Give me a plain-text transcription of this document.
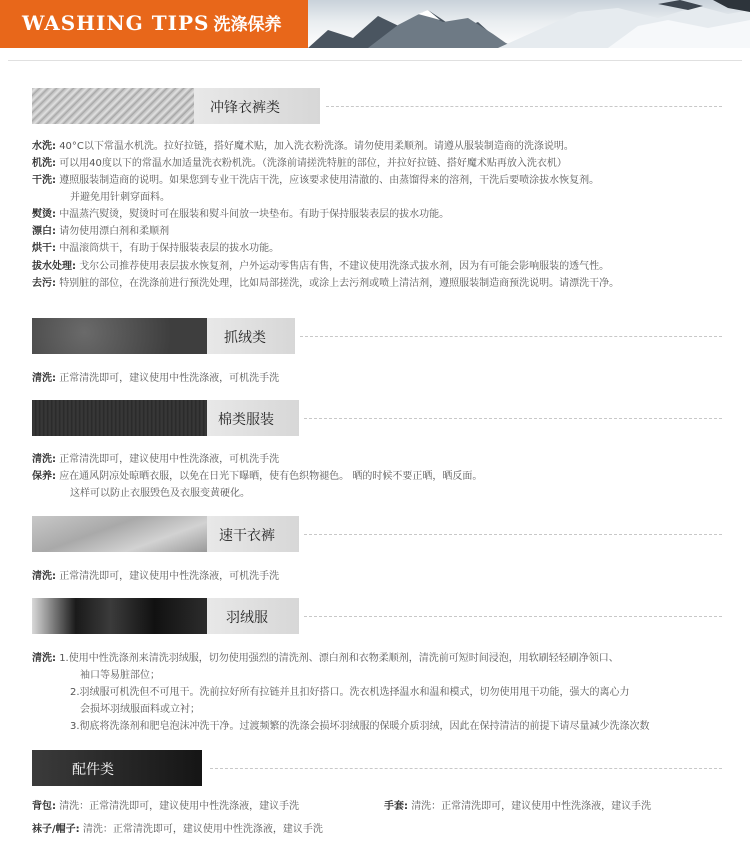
WASHING TIPS 洗涤保养
冲锋衣裤类
水洗: 40°C以下常温水机洗。拉好拉链，搭好魔术贴，加入洗衣粉洗涤。请勿使用柔顺剂。请遵从服装制造商的洗涤说明。
机洗: 可以用40度以下的常温水加适量洗衣粉机洗。（洗涤前请搓洗特脏的部位，并拉好拉链、搭好魔术贴再放入洗衣机）
干洗: 遵照服装制造商的说明。如果您到专业干洗店干洗，应该要求使用清澈的、由蒸馏得来的溶剂，干洗后要喷涂拔水恢复剂。
并避免用针刺穿面料。
熨烫: 中温蒸汽熨烫，熨烫时可在服装和熨斗间放一块垫布。有助于保持服装表层的拔水功能。
漂白: 请勿使用漂白剂和柔顺剂
烘干: 中温滚筒烘干，有助于保持服装表层的拔水功能。
拔水处理: 戈尔公司推荐使用表层拔水恢复剂，户外运动零售店有售，不建议使用洗涤式拔水剂，因为有可能会影响服装的透气性。
去污: 特别脏的部位，在洗涤前进行预洗处理，比如局部搓洗，或涂上去污剂或喷上清洁剂，遵照服装制造商预洗说明。请漂洗干净。
抓绒类
清洗: 正常清洗即可，建议使用中性洗涤液，可机洗手洗
棉类服装
清洗: 正常清洗即可，建议使用中性洗涤液，可机洗手洗
保养: 应在通风阴凉处晾晒衣服，以免在日光下曝晒，使有色织物褪色。 晒的时候不要正晒，晒反面。
这样可以防止衣服毁色及衣服变黄硬化。
速干衣裤
清洗: 正常清洗即可，建议使用中性洗涤液，可机洗手洗
羽绒服
清洗: 1.使用中性洗涤剂来清洗羽绒服，切勿使用强烈的清洗剂、漂白剂和衣物柔顺剂，清洗前可短时间浸泡，用软刷轻轻刷净领口、
袖口等易脏部位；
2.羽绒服可机洗但不可甩干。洗前拉好所有拉链并且扣好搭口。洗衣机选择温水和温和模式，切勿使用甩干功能，强大的离心力
会损坏羽绒服面料或立衬；
3.彻底将洗涤剂和肥皂泡沫冲洗干净。过渡频繁的洗涤会损坏羽绒服的保暖介质羽绒，因此在保持清洁的前提下请尽量减少洗涤次数
配件类
背包: 清洗：正常清洗即可，建议使用中性洗涤液，建议手洗	手套: 清洗：正常清洗即可，建议使用中性洗涤液，建议手洗
袜子/帽子: 清洗：正常清洗即可，建议使用中性洗涤液，建议手洗
